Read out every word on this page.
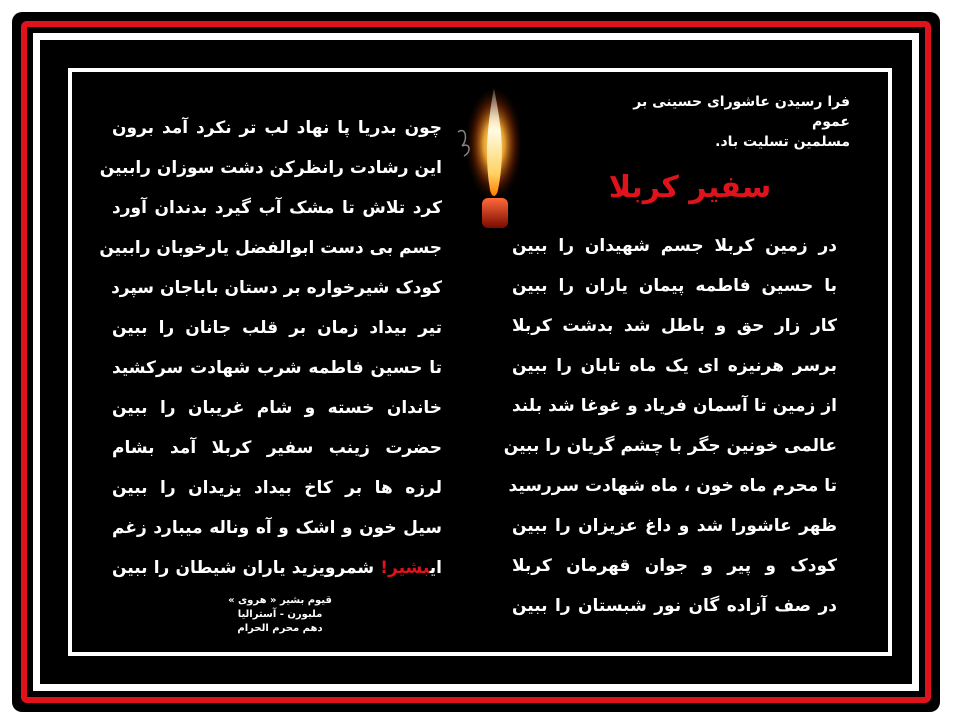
فرا رسیدن عاشورای حسینی بر عموم
مسلمین تسلیت باد.
سفیر کربلا
چون بدریا پا نهاد لب تر نکرد آمد برون
این رشادت رانظرکن دشت سوزان راببین
کرد تلاش تا مشک آب گیرد بدندان آورد
جسم بی دست ابوالفضل یارخوبان راببین
کودک شیرخواره بر دستان باباجان سپرد
تیر بیداد زمان بر قلب جانان را ببین
تا حسین فاطمه شرب شهادت سرکشید
خاندان خسته و شام غریبان را ببین
حضرت زینب سفیر کربلا آمد بشام
لرزه ها بر کاخ بیداد یزیدان را ببین
سیل خون و اشک و آه وناله میبارد زغم
ایبشیر! شمرویزید یاران شیطان را ببین
در زمین کربلا جسم شهیدان را ببین
با حسین فاطمه پیمان یاران را ببین
کار زار حق و باطل شد بدشت کربلا
برسر هرنیزه ای یک ماه تابان را ببین
از زمین تا آسمان فریاد و غوغا شد بلند
عالمی خونین جگر با چشم گریان را ببین
تا محرم ماه خون ، ماه شهادت سررسید
ظهر عاشورا شد و داغ عزیزان را ببین
کودک و پیر و جوان قهرمان کربلا
در صف آزاده گان نور شبستان را ببین
قیوم بشیر « هروی »
ملبورن - آسترالیا
دهم محرم الحرام
